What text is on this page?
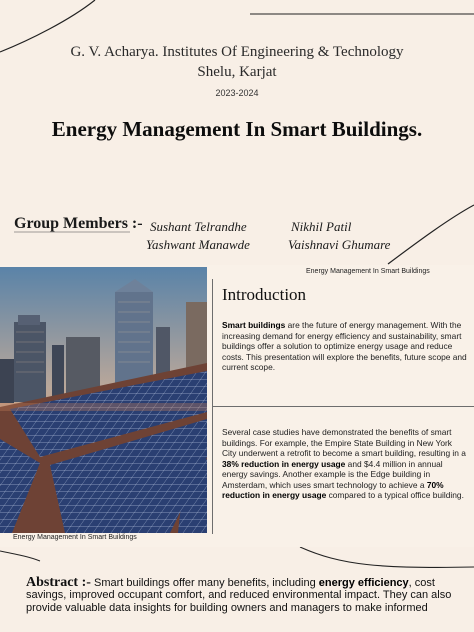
G. V. Acharya. Institutes Of Engineering & Technology
Shelu, Karjat
2023-2024
Energy Management In Smart Buildings.
Group Members :- Sushant Telrandhe	Nikhil Patil
Yashwant Manawde	Vaishnavi Ghumare
Energy Management In Smart Buildings
Introduction

Smart buildings are the future of energy management. With the increasing demand for energy efficiency and sustainability, smart buildings offer a solution to optimize energy usage and reduce costs. This presentation will explore the benefits, future scope and current scope.

Several case studies have demonstrated the benefits of smart buildings. For example, the Empire State Building in New York City underwent a retrofit to become a smart building, resulting in a 38% reduction in energy usage and $4.4 million in annual energy savings. Another example is the Edge building in Amsterdam, which uses smart technology to achieve a 70% reduction in energy usage compared to a typical office building.

Energy Management In Smart Buildings

Abstract :- Smart buildings offer many benefits, including energy efficiency, cost savings, improved occupant comfort, and reduced environmental impact. They can also provide valuable data insights for building owners and managers to make informed
